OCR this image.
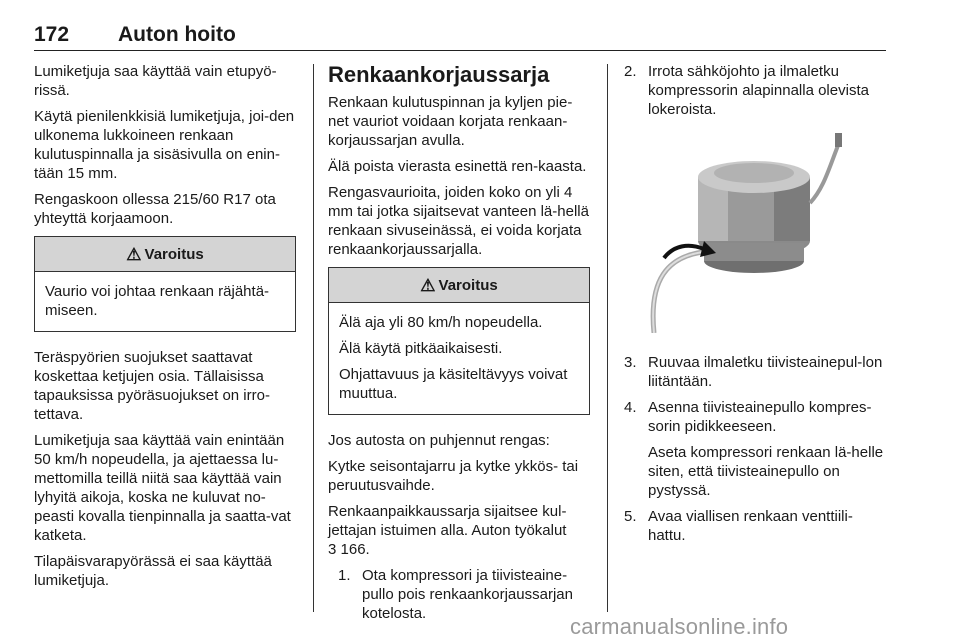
172 Auton hoito

Lumiketjuja saa käyttää vain etupyö-rissä.

Käytä pienilenkkisiä lumiketjuja, joi-den ulkonema lukkoineen renkaan kulutuspinnalla ja sisäsivulla on enin-tään 15 mm.

Rengaskoon ollessa 215/60 R17 ota yhteyttä korjaamoon.

⚠ Varoitus

Vaurio voi johtaa renkaan räjähtä-miseen.

Teräspyörien suojukset saattavat koskettaa ketjujen osia. Tällaisissa tapauksissa pyöräsuojukset on irro-tettava.

Lumiketjuja saa käyttää vain enintään 50 km/h nopeudella, ja ajettaessa lu-mettomilla teillä niitä saa käyttää vain lyhyitä aikoja, koska ne kuluvat no-peasti kovalla tienpinnalla ja saatta-vat katketa.

Tilapäisvarapyörässä ei saa käyttää lumiketjuja.

Renkaankorjaussarja

Renkaan kulutuspinnan ja kyljen pie-net vauriot voidaan korjata renkaan-korjaussarjan avulla.

Älä poista vierasta esinettä ren-kaasta.

Rengasvaurioita, joiden koko on yli 4 mm tai jotka sijaitsevat vanteen lä-hellä renkaan sivuseinässä, ei voida korjata renkaankorjaussarjalla.

⚠ Varoitus

Älä aja yli 80 km/h nopeudella.

Älä käytä pitkäaikaisesti.

Ohjattavuus ja käsiteltävyys voivat muuttua.

Jos autosta on puhjennut rengas:

Kytke seisontajarru ja kytke ykkös- tai peruutusvaihde.

Renkaanpaikkaussarja sijaitsee kul-jettajan istuimen alla. Auton työkalut
3 166.

1. Ota kompressori ja tiivisteaine-pullo pois renkaankorjaussarjan kotelosta.
2. Irrota sähköjohto ja ilmaletku kompressorin alapinnalla olevista lokeroista.
3. Ruuvaa ilmaletku tiivisteainepul-lon liitäntään.
4. Asenna tiivisteainepullo kompres-sorin pidikkeeseen.

Aseta kompressori renkaan lä-helle siten, että tiivisteainepullo on pystyssä.

5. Avaa viallisen renkaan venttiili-hattu.
carmanualsonline.info
